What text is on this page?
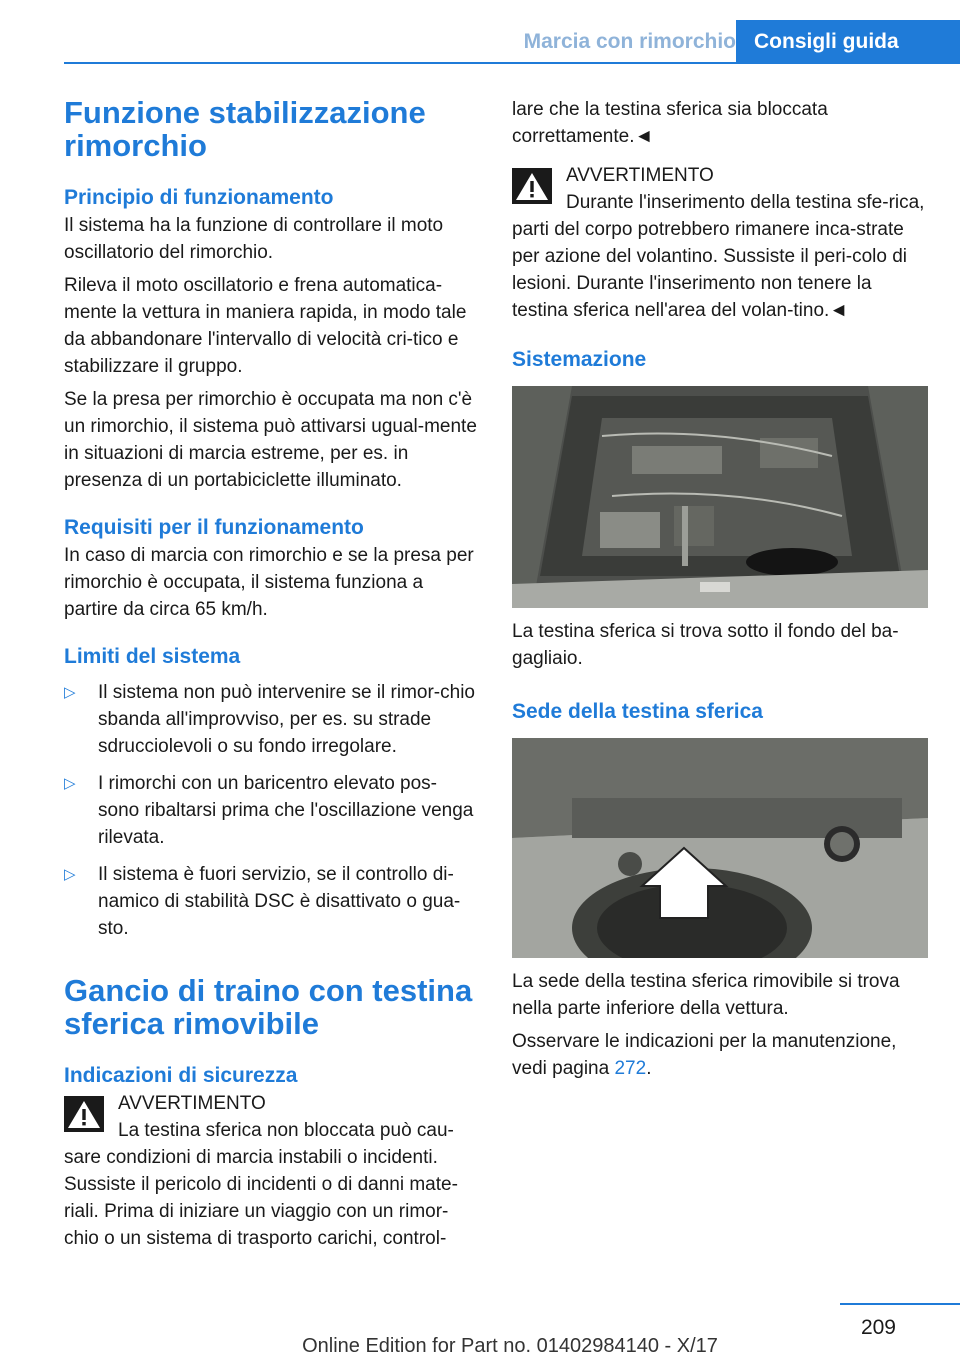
Marcia con rimorchio Consigli guida
Funzione stabilizzazione rimorchio
Principio di funzionamento

Il sistema ha la funzione di controllare il moto oscillatorio del rimorchio.

Rileva il moto oscillatorio e frena automatica-mente la vettura in maniera rapida, in modo tale da abbandonare l'intervallo di velocità cri-tico e stabilizzare il gruppo.

Se la presa per rimorchio è occupata ma non c'è un rimorchio, il sistema può attivarsi ugual-mente in situazioni di marcia estreme, per es. in presenza di un portabiciclette illuminato.

Requisiti per il funzionamento

In caso di marcia con rimorchio e se la presa per rimorchio è occupata, il sistema funziona a partire da circa 65 km/h.

Limiti del sistema
▷ Il sistema non può intervenire se il rimor-chio sbanda all'improvviso, per es. su strade sdrucciolevoli o su fondo irregolare.
▷ I rimorchi con un baricentro elevato pos-sono ribaltarsi prima che l'oscillazione venga rilevata.
▷ Il sistema è fuori servizio, se il controllo di-namico di stabilità DSC è disattivato o gua-sto.
Gancio di traino con testina sferica rimovibile
Indicazioni di sicurezza
AVVERTIMENTO
La testina sferica non bloccata può cau-sare condizioni di marcia instabili o incidenti. Sussiste il pericolo di incidenti o di danni mate-riali. Prima di iniziare un viaggio con un rimor-chio o un sistema di trasporto carichi, control-

lare che la testina sferica sia bloccata correttamente.◄

AVVERTIMENTO
Durante l'inserimento della testina sfe-rica, parti del corpo potrebbero rimanere inca-strate per azione del volantino. Sussiste il peri-colo di lesioni. Durante l'inserimento non tenere la testina sferica nell'area del volan-tino.◄
Sistemazione

La testina sferica si trova sotto il fondo del ba-gagliaio.

Sede della testina sferica

La sede della testina sferica rimovibile si trova nella parte inferiore della vettura.

Osservare le indicazioni per la manutenzione, vedi pagina 272.

209
Online Edition for Part no. 01402984140 - X/17
